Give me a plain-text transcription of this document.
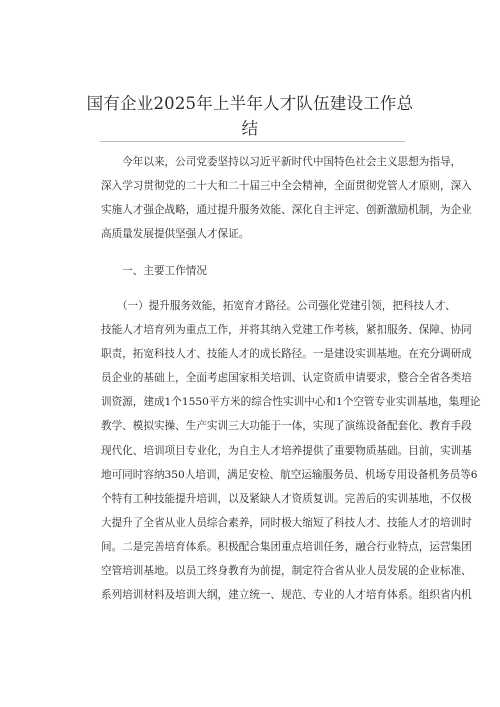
国有企业2025年上半年人才队伍建设工作总
结
　　今年以来，公司党委坚持以习近平新时代中国特色社会主义思想为指导，
深入学习贯彻党的二十大和二十届三中全会精神，全面贯彻党管人才原则，深入
实施人才强企战略，通过提升服务效能、深化自主评定、创新激励机制，为企业
高质量发展提供坚强人才保证。
　　一、主要工作情况
　　（一）提升服务效能，拓宽育才路径。公司强化党建引领，把科技人才、
技能人才培育列为重点工作，并将其纳入党建工作考核，紧扣服务、保障、协同
职责，拓宽科技人才、技能人才的成长路径。一是建设实训基地。在充分调研成
员企业的基础上，全面考虑国家相关培训、认定资质申请要求，整合全省各类培
训资源，建成1个1550平方米的综合性实训中心和1个空管专业实训基地，集理论
教学、模拟实操、生产实训三大功能于一体，实现了演练设备配套化、教育手段
现代化、培训项目专业化，为自主人才培养提供了重要物质基础。目前，实训基
地可同时容纳350人培训，满足安检、航空运输服务员、机场专用设备机务员等6
个特有工种技能提升培训，以及紧缺人才资质复训。完善后的实训基地，不仅极
大提升了全省从业人员综合素养，同时极大缩短了科技人才、技能人才的培训时
间。二是完善培育体系。积极配合集团重点培训任务，融合行业特点，运营集团
空管培训基地。以员工终身教育为前提，制定符合省从业人员发展的企业标准、
系列培训材料及培训大纲，建立统一、规范、专业的人才培育体系。组织省内机
